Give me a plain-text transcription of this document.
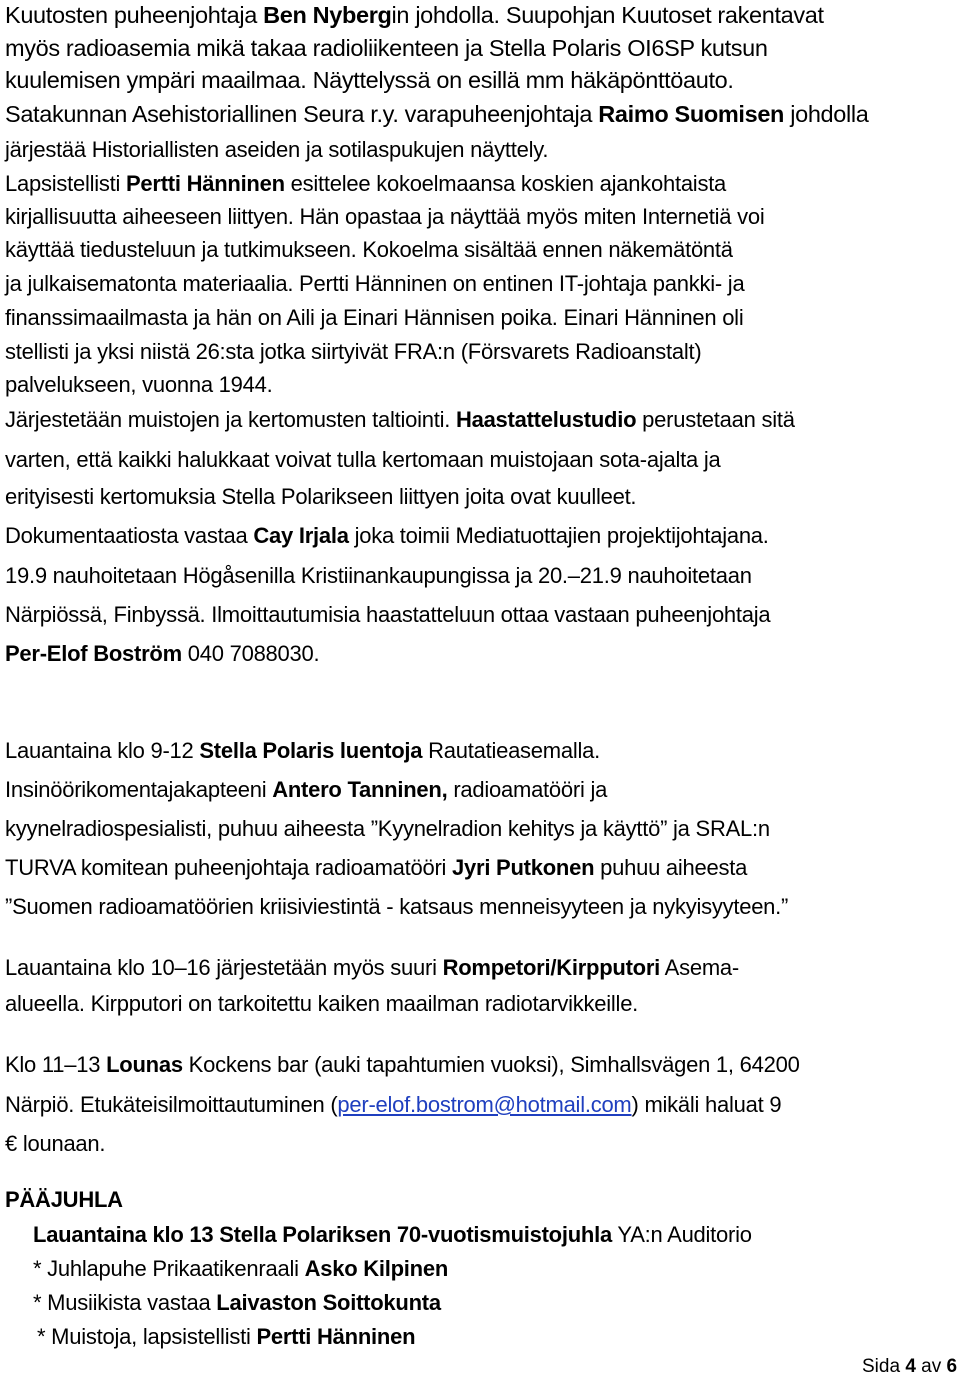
Kuutosten puheenjohtaja Ben Nybergin johdolla. Suupohjan Kuutoset rakentavat
myös radioasemia mikä takaa radioliikenteen ja Stella Polaris OI6SP kutsun
kuulemisen ympäri maailmaa. Näyttelyssä on esillä mm häkäpönttöauto.
Satakunnan Asehistoriallinen Seura r.y. varapuheenjohtaja Raimo Suomisen johdolla
järjestää Historiallisten aseiden ja sotilaspukujen näyttely.
Lapsistellisti Pertti Hänninen esittelee kokoelmaansa koskien ajankohtaista
kirjallisuutta aiheeseen liittyen. Hän opastaa ja näyttää myös miten Internetiä voi
käyttää tiedusteluun ja tutkimukseen. Kokoelma sisältää ennen näkemätöntä
ja julkaisematonta materiaalia. Pertti Hänninen on entinen IT-johtaja pankki- ja
finanssimaailmasta ja hän on Aili ja Einari Hännisen poika. Einari Hänninen oli
stellisti ja yksi niistä 26:sta jotka siirtyivät FRA:n (Försvarets Radioanstalt)
palvelukseen, vuonna 1944.
Järjestetään muistojen ja kertomusten taltiointi. Haastattelustudio perustetaan sitä
varten, että kaikki halukkaat voivat tulla kertomaan muistojaan sota-ajalta ja
erityisesti kertomuksia Stella Polarikseen liittyen joita ovat kuulleet.
Dokumentaatiosta vastaa Cay Irjala joka toimii Mediatuottajien projektijohtajana.
19.9 nauhoitetaan Högåsenilla Kristiinankaupungissa ja 20.–21.9 nauhoitetaan
Närpiössä, Finbyssä. Ilmoittautumisia haastatteluun ottaa vastaan puheenjohtaja
Per-Elof Boström 040 7088030.
Lauantaina klo 9-12 Stella Polaris luentoja Rautatieasemalla.
Insinöörikomentajakapteeni Antero Tanninen, radioamatööri ja
kyynelradiospesialisti, puhuu aiheesta ”Kyynelradion kehitys ja käyttö” ja SRAL:n
TURVA komitean puheenjohtaja radioamatööri Jyri Putkonen puhuu aiheesta
”Suomen radioamatöörien kriisiviestintä - katsaus menneisyyteen ja nykyisyyteen.”
Lauantaina klo 10–16 järjestetään myös suuri Rompetori/Kirpputori Asema-
alueella. Kirpputori on tarkoitettu kaiken maailman radiotarvikkeille.
Klo 11–13 Lounas Kockens bar (auki tapahtumien vuoksi), Simhallsvägen 1, 64200
Närpiö. Etukäteisilmoittautuminen (per-elof.bostrom@hotmail.com) mikäli haluat 9
€ lounaan.
PÄÄJUHLA
Lauantaina klo 13 Stella Polariksen 70-vuotismuistojuhla YA:n Auditorio
* Juhlapuhe Prikaatikenraali Asko Kilpinen
* Musiikista vastaa Laivaston Soittokunta
* Muistoja, lapsistellisti Pertti Hänninen
Sida 4 av 6
